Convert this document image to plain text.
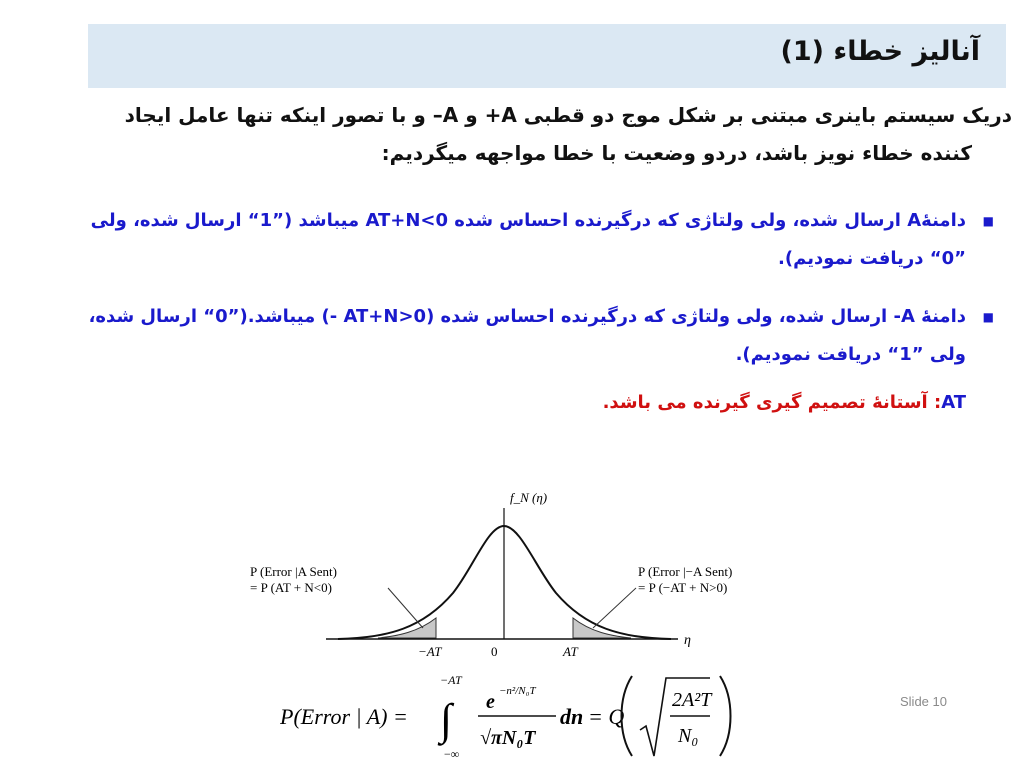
آنالیز خطاء (1)
دریک سیستم باینری مبتنی بر شکل موج دو قطبی A+ و A– و با تصور اینکه تنها عامل ایجاد
کننده خطاء نویز باشد، دردو وضعیت با خطا مواجهه میگردیم:
■
دامنهٔA ارسال شده، ولی ولتاژی که درگیرنده احساس شده AT+N<0 میباشد (”1“ ارسال شده، ولی ”0“ دریافت نمودیم).
■
دامنهٔ A- ارسال شده، ولی ولتاژی که درگیرنده احساس شده (AT+N>0 -) میباشد.(”0“ ارسال شده، ولی ”1“ دریافت نمودیم).
AT: آستانهٔ تصمیم گیری گیرنده می باشد.
f_N (η)
η
P (Error |A Sent)
= P (AT + N<0)
P (Error |−A Sent)
= P (−AT + N>0)
−AT	0	AT
P(Error | A) = ∫
−AT
−∞
e −n²/N₀T
√πN₀T
dn = Q
2A²T
N₀
Slide 10
